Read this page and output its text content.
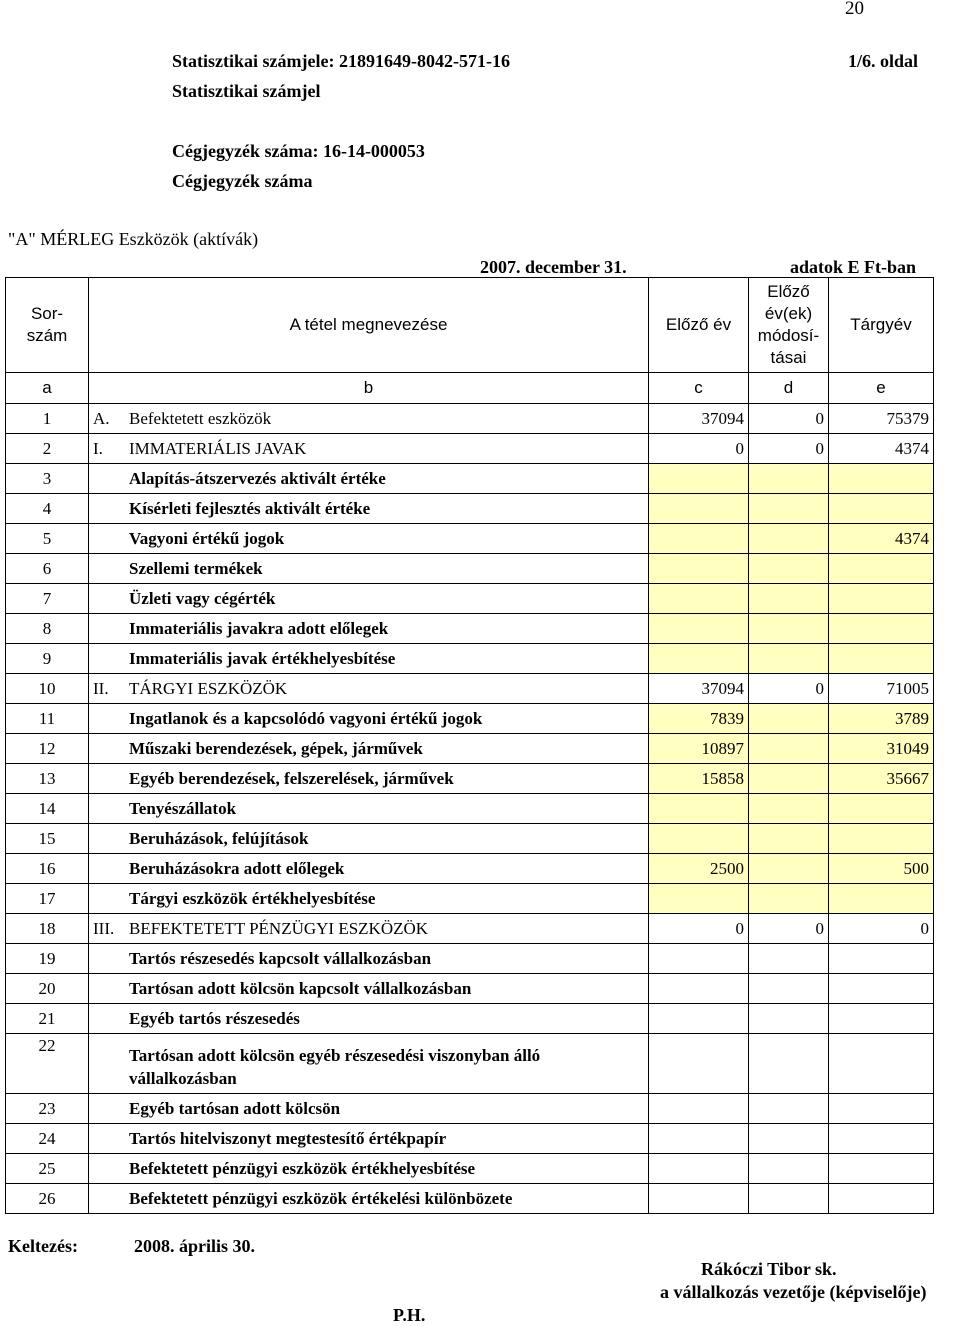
20
Statisztikai számjele: 21891649-8042-571-16	1/6. oldal
Statisztikai számjel
Cégjegyzék száma: 16-14-000053
Cégjegyzék száma
"A" MÉRLEG Eszközök (aktívák)
2007. december 31.	adatok E Ft-ban
Sor-
szám	A tétel megnevezése	Előző év	Előző
év(ek)
módosí-
tásai	Tárgyév
a	b	c	d	e
1	A. Befektetett eszközök	37094	0	75379
2	I. IMMATERIÁLIS JAVAK	0	0	4374
3	Alapítás-átszervezés aktivált értéke			
4	Kísérleti fejlesztés aktivált értéke			
5	Vagyoni értékű jogok			4374
6	Szellemi termékek			
7	Üzleti vagy cégérték			
8	Immateriális javakra adott előlegek			
9	Immateriális javak értékhelyesbítése			
10	II. TÁRGYI ESZKÖZÖK	37094	0	71005
11	Ingatlanok és a kapcsolódó vagyoni értékű jogok	7839		3789
12	Műszaki berendezések, gépek, járművek	10897		31049
13	Egyéb berendezések, felszerelések, járművek	15858		35667
14	Tenyészállatok			
15	Beruházások, felújítások			
16	Beruházásokra adott előlegek	2500		500
17	Tárgyi eszközök értékhelyesbítése			
18	III. BEFEKTETETT PÉNZÜGYI ESZKÖZÖK	0	0	0
19	Tartós részesedés kapcsolt vállalkozásban			
20	Tartósan adott kölcsön kapcsolt vállalkozásban			
21	Egyéb tartós részesedés			
22	Tartósan adott kölcsön egyéb részesedési viszonyban álló
vállalkozásban			
23	Egyéb tartósan adott kölcsön			
24	Tartós hitelviszonyt megtestesítő értékpapír			
25	Befektetett pénzügyi eszközök értékhelyesbítése			
26	Befektetett pénzügyi eszközök értékelési különbözete			
Keltezés:	2008. április 30.
P.H.
Rákóczi Tibor sk.
a vállalkozás vezetője (képviselője)
